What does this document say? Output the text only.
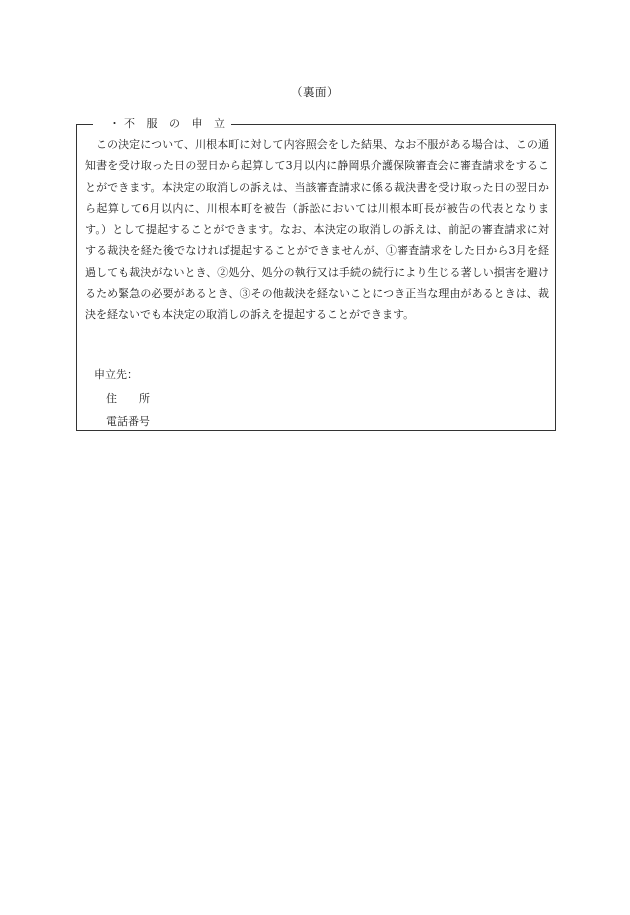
（裏面）
・不 服 の 申 立
この決定について、川根本町に対して内容照会をした結果、なお不服がある場合は、この通知書を受け取った日の翌日から起算して3月以内に静岡県介護保険審査会に審査請求をすることができます。本決定の取消しの訴えは、当該審査請求に係る裁決書を受け取った日の翌日から起算して6月以内に、川根本町を被告（訴訟においては川根本町長が被告の代表となります。）として提起することができます。なお、本決定の取消しの訴えは、前記の審査請求に対する裁決を経た後でなければ提起することができませんが、①審査請求をした日から3月を経過しても裁決がないとき、②処分、処分の執行又は手続の続行により生じる著しい損害を避けるため緊急の必要があるとき、③その他裁決を経ないことにつき正当な理由があるときは、裁決を経ないでも本決定の取消しの訴えを提起することができます。
申立先：
住所
電話番号
